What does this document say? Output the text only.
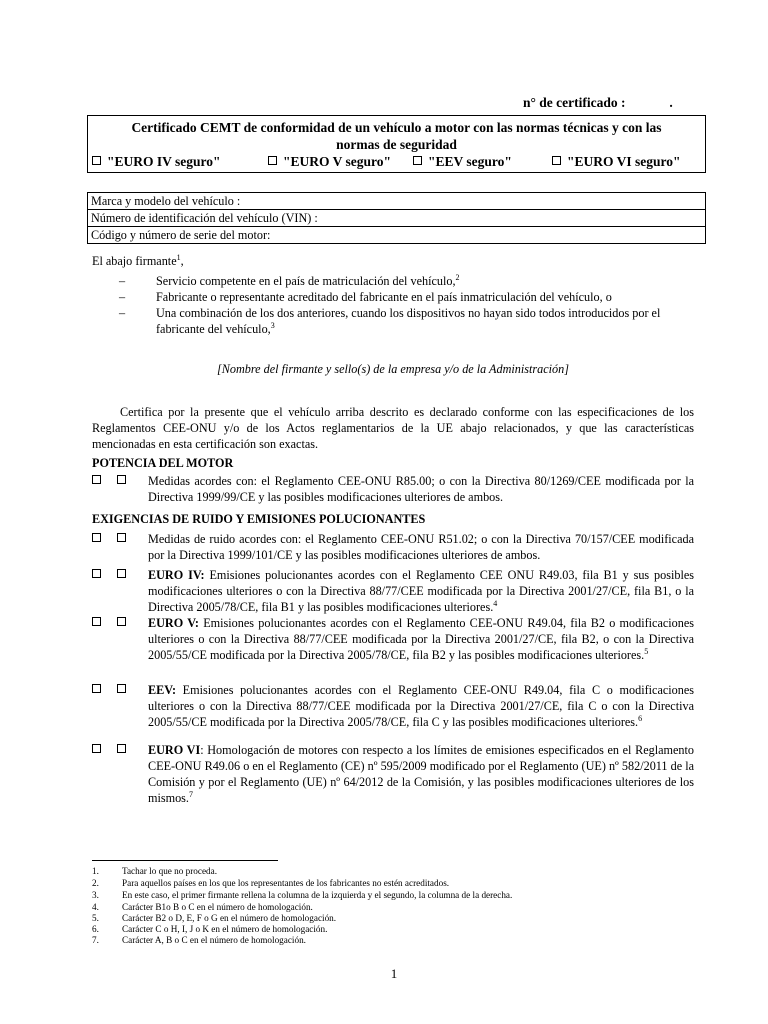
n° de certificado :	.
Certificado CEMT de conformidad de un vehículo a motor con las normas técnicas y con las
normas de seguridad
"EURO IV seguro"	"EURO V seguro"	"EEV seguro"	"EURO VI seguro"
Marca y modelo del vehículo :
Número de identificación del vehículo (VIN) :
Código y número de serie del motor:
El abajo firmante$^1$,
–	Servicio competente en el país de matriculación del vehículo,$^2$
–	Fabricante o representante acreditado del fabricante en el país inmatriculación del vehículo, o
–	Una combinación de los dos anteriores, cuando los dispositivos no hayan sido todos introducidos por el fabricante del vehículo,$^3$
[Nombre del firmante y sello(s) de la empresa y/o de la Administración]
Certifica por la presente que el vehículo arriba descrito es declarado conforme con las especificaciones de los Reglamentos CEE-ONU y/o de los Actos reglamentarios de la UE abajo relacionados, y que las características mencionadas en esta certificación son exactas.
POTENCIA DEL MOTOR
Medidas acordes con: el Reglamento CEE-ONU R85.00; o con la Directiva 80/1269/CEE modificada por la Directiva 1999/99/CE y las posibles modificaciones ulteriores de ambos.
EXIGENCIAS DE RUIDO Y EMISIONES POLUCIONANTES
Medidas de ruido acordes con: el Reglamento CEE-ONU R51.02; o con la Directiva 70/157/CEE modificada por la Directiva 1999/101/CE y las posibles modificaciones ulteriores de ambos.
EURO IV: Emisiones polucionantes acordes con el Reglamento CEE ONU R49.03, fila B1 y sus posibles modificaciones ulteriores o con la Directiva 88/77/CEE modificada por la Directiva 2001/27/CE, fila B1, o la Directiva 2005/78/CE, fila B1 y las posibles modificaciones ulteriores.$^4$
EURO V: Emisiones polucionantes acordes con el Reglamento CEE-ONU R49.04, fila B2 o modificaciones ulteriores o con la Directiva 88/77/CEE modificada por la Directiva 2001/27/CE, fila B2, o con la Directiva 2005/55/CE modificada por la Directiva 2005/78/CE, fila B2 y las posibles modificaciones ulteriores.$^5$
EEV: Emisiones polucionantes acordes con el Reglamento CEE-ONU R49.04, fila C o modificaciones ulteriores o con la Directiva 88/77/CEE modificada por la Directiva 2001/27/CE, fila C o con la Directiva 2005/55/CE modificada por la Directiva 2005/78/CE, fila C y las posibles modificaciones ulteriores.$^6$
EURO VI: Homologación de motores con respecto a los límites de emisiones especificados en el Reglamento CEE-ONU R49.06 o en el Reglamento (CE) nº 595/2009 modificado por el Reglamento (UE) nº 582/2011 de la Comisión y por el Reglamento (UE) nº 64/2012 de la Comisión, y las posibles modificaciones ulteriores de los mismos.$^7$
1.	Tachar lo que no proceda.
2.	Para aquellos países en los que los representantes de los fabricantes no estén acreditados.
3.	En este caso, el primer firmante rellena la columna de la izquierda y el segundo, la columna de la derecha.
4.	Carácter B1o B o C en el número de homologación.
5.	Carácter B2 o D, E, F o G en el número de homologación.
6.	Carácter C o H, I, J o K en el número de homologación.
7.	Carácter A, B o C en el número de homologación.
1
